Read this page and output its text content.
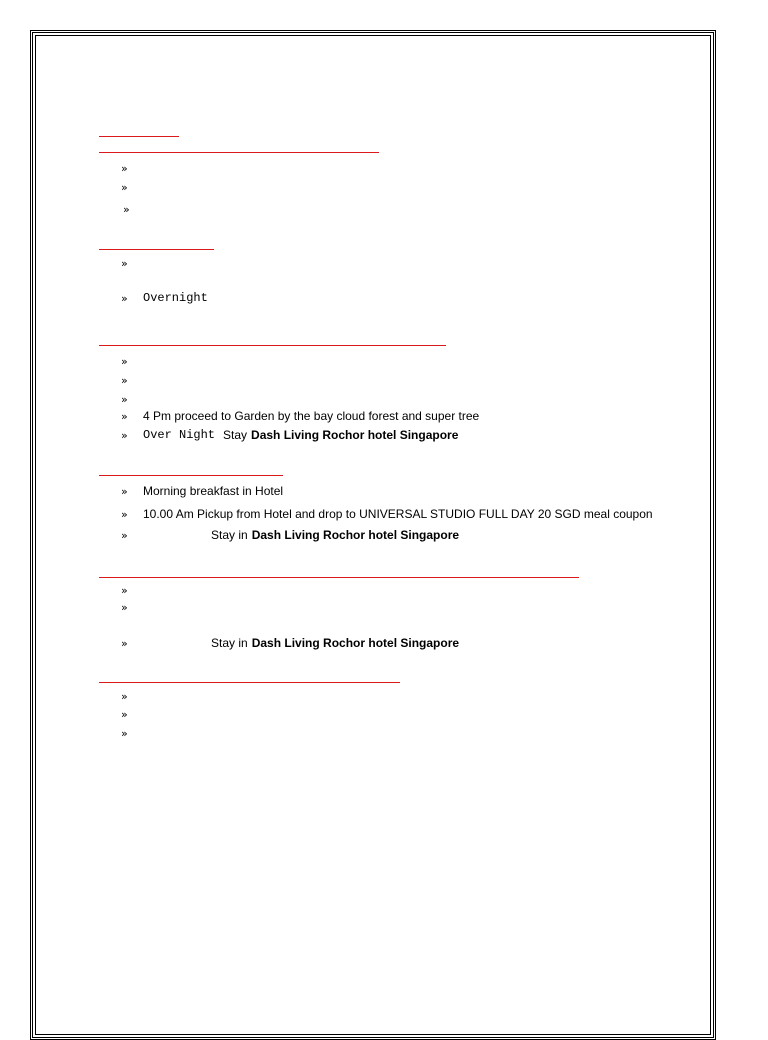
»
»
»
»
» Overnight
»
»
»
» 4 Pm proceed to Garden by the bay cloud forest and super tree
» Over Night Stay Dash Living Rochor hotel Singapore
» Morning breakfast in Hotel
» 10.00 Am Pickup from Hotel and drop to UNIVERSAL STUDIO FULL DAY 20 SGD meal coupon
»	Stay in Dash Living Rochor hotel Singapore
»
»
»	Stay in Dash Living Rochor hotel Singapore
»
»
»
